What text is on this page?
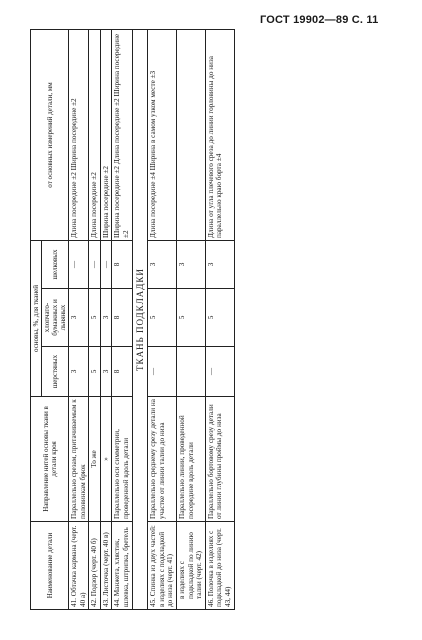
ГОСТ 19902—89 С. 11
Наименование детали	Направление нитей основы ткани в детали кроя	основы, %, для тканей			от основных измерений детали, мм
		шерстяных	хлопчато-бумажных и льняных	шелковых	
41. Обтачка кармана (черт. 40 а)	Параллельно срезам, притачиваемым к половинкам брюк	3	3	—	Длина посередине ±2 Ширина посередине ±2
42. Подзор (черт. 40 б)	То же	5	5	—	Длина посередине ±2
43. Листочка (черт. 40 в)	»	3	3	—	Ширина посередине ±2
44. Манжета, хлястик, шлевка, штрипка, бретель	Параллельно оси симметрии, проведенной вдоль детали	8	8	8	Ширина посередине ±2 Длина посередине ±2 Ширина посередине ±2
ТКАНЬ ПОДКЛАДКИ					
45. Спинка из двух частей: в изделиях с подкладкой до низа (черт. 41)	Параллельно среднему срезу детали на участке от линии талии до низа	—	5	3	Длина посередине ±4 Ширина в самом узком месте ±3
в изделиях с подкладкой по линию талии (черт. 42)	Параллельно линии, проведенной посередине вдоль детали		5	3	
46. Полочка в изделиях с подкладкой до низа (черт. 43, 44)	Параллельно бортовому срезу детали от линии глубины проймы до низа	—	5	3	Длина от угла плечевого среза до линии горловины до низа параллельно краю борта ±4
